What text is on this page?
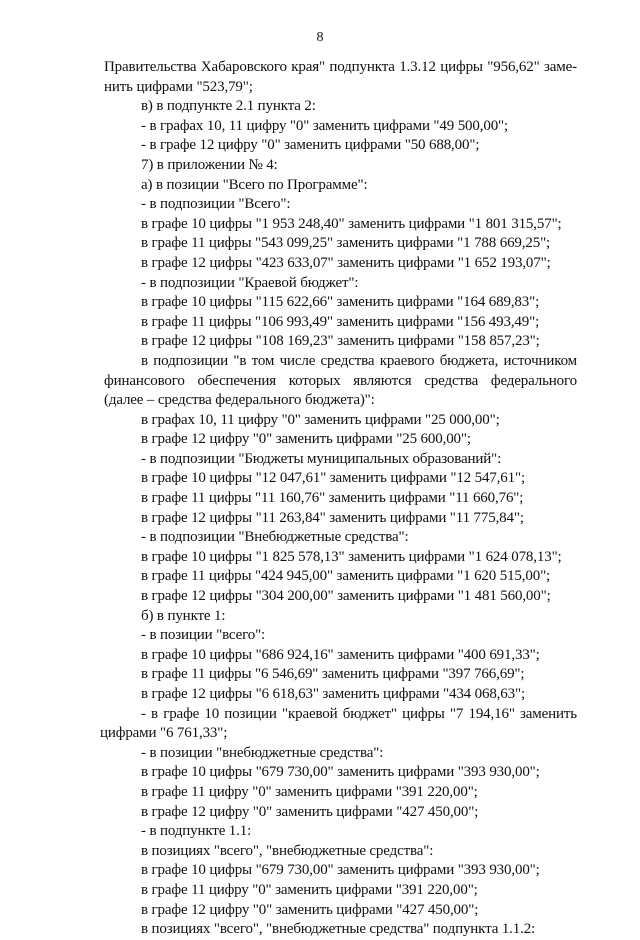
8
Правительства Хабаровского края" подпункта 1.3.12 цифры "956,62" заме-
нить цифрами "523,79";
в) в подпункте 2.1 пункта 2:
- в графах 10, 11 цифру "0" заменить цифрами "49 500,00";
- в графе 12 цифру "0" заменить цифрами "50 688,00";
7) в приложении № 4:
а) в позиции "Всего по Программе":
- в подпозиции "Всего":
в графе 10 цифры "1 953 248,40" заменить цифрами "1 801 315,57";
в графе 11 цифры "543 099,25" заменить цифрами "1 788 669,25";
в графе 12 цифры "423 633,07" заменить цифрами "1 652 193,07";
- в подпозиции "Краевой бюджет":
в графе 10 цифры "115 622,66" заменить цифрами "164 689,83";
в графе 11 цифры "106 993,49" заменить цифрами "156 493,49";
в графе 12 цифры "108 169,23" заменить цифрами "158 857,23";
в подпозиции "в том числе средства краевого бюджета, источником
финансового обеспечения которых являются средства федерального
(далее – средства федерального бюджета)":
в графах 10, 11 цифру "0" заменить цифрами "25 000,00";
в графе 12 цифру "0" заменить цифрами "25 600,00";
- в подпозиции "Бюджеты муниципальных образований":
в графе 10 цифры "12 047,61" заменить цифрами "12 547,61";
в графе 11 цифры "11 160,76" заменить цифрами "11 660,76";
в графе 12 цифры "11 263,84" заменить цифрами "11 775,84";
- в подпозиции "Внебюджетные средства":
в графе 10 цифры "1 825 578,13" заменить цифрами "1 624 078,13";
в графе 11 цифры "424 945,00" заменить цифрами "1 620 515,00";
в графе 12 цифры "304 200,00" заменить цифрами "1 481 560,00";
б) в пункте 1:
- в позиции "всего":
в графе 10 цифры "686 924,16" заменить цифрами "400 691,33";
в графе 11 цифры "6 546,69" заменить цифрами "397 766,69";
в графе 12 цифры "6 618,63" заменить цифрами "434 068,63";
- в графе 10 позиции "краевой бюджет" цифры "7 194,16" заменить
цифрами "6 761,33";
- в позиции "внебюджетные средства":
в графе 10 цифры "679 730,00" заменить цифрами "393 930,00";
в графе 11 цифру "0" заменить цифрами "391 220,00";
в графе 12 цифру "0" заменить цифрами "427 450,00";
- в подпункте 1.1:
в позициях "всего", "внебюджетные средства":
в графе 10 цифры "679 730,00" заменить цифрами "393 930,00";
в графе 11 цифру "0" заменить цифрами "391 220,00";
в графе 12 цифру "0" заменить цифрами "427 450,00";
в позициях "всего", "внебюджетные средства" подпункта 1.1.2:
